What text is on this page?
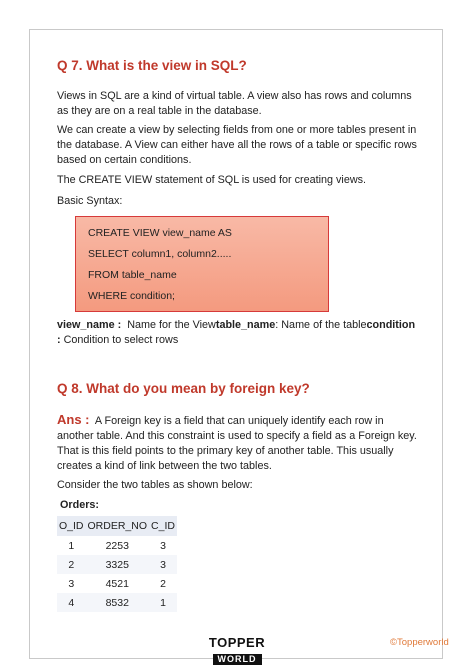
Q 7. What is the view in SQL?

Views in SQL are a kind of virtual table. A view also has rows and columns as they are on a real table in the database.

We can create a view by selecting fields from one or more tables present in the database. A View can either have all the rows of a table or specific rows based on certain conditions.

The CREATE VIEW statement of SQL is used for creating views.

Basic Syntax:

CREATE VIEW view_name AS
SELECT column1, column2.....
FROM table_name
WHERE condition;
view_name : Name for the Viewtable_name: Name of the tablecondition : Condition to select rows
Q 8. What do you mean by foreign key?

Ans : A Foreign key is a field that can uniquely identify each row in another table. And this constraint is used to specify a field as a Foreign key. That is this field points to the primary key of another table. This usually creates a kind of link between the two tables.

Consider the two tables as shown below:

Orders:

O_ID	ORDER_NO	C_ID
1	2253	3
2	3325	3
3	4521	2
4	8532	1
TOPPER
WORLD
©Topperworld
